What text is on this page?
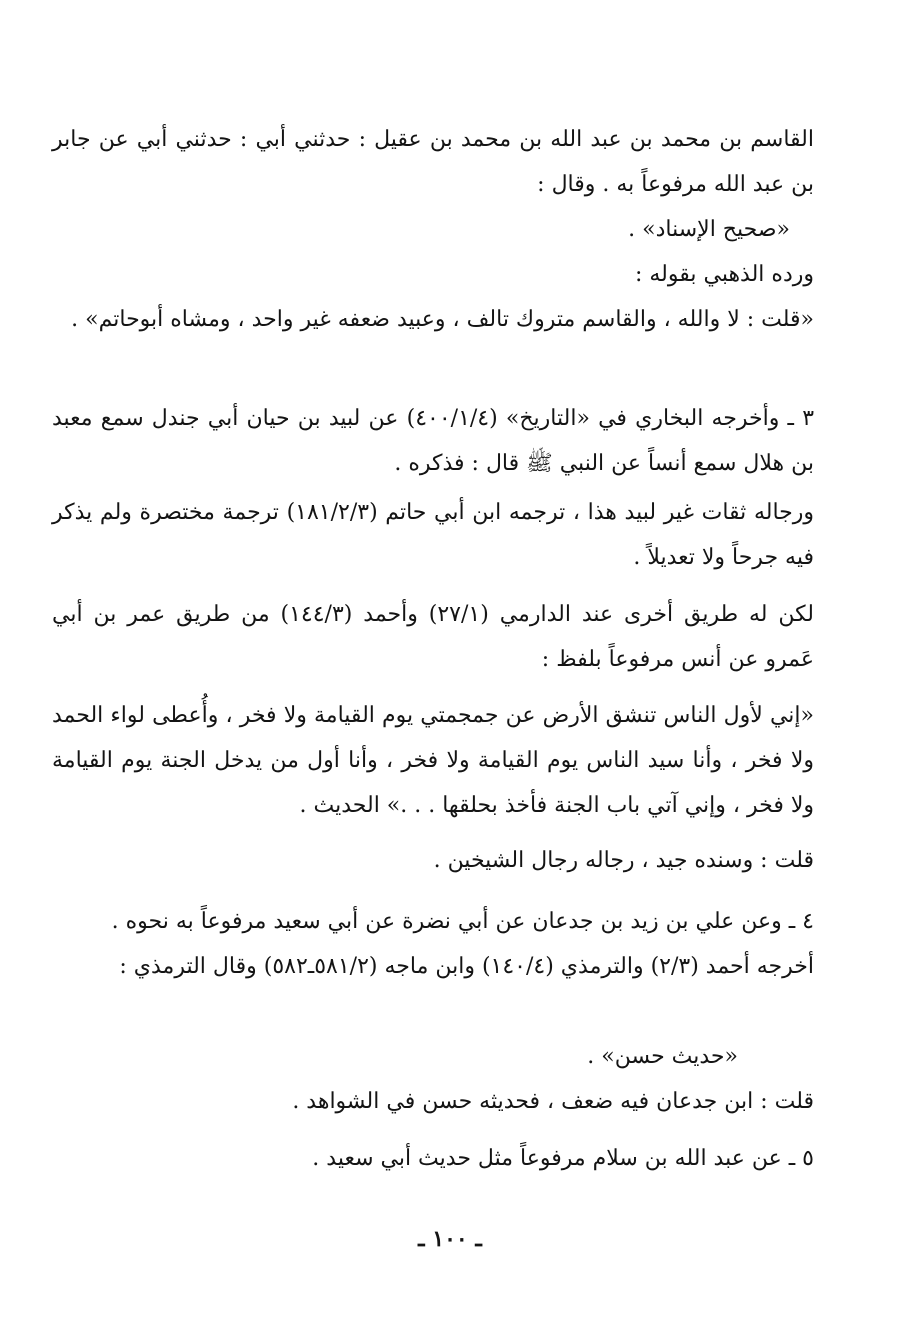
القاسم بن محمد بن عبد الله بن محمد بن عقيل : حدثني أبي : حدثني أبي عن جابر بن عبد الله مرفوعاً به . وقال :

«صحيح الإسناد» .

ورده الذهبي بقوله :

«قلت : لا والله ، والقاسم متروك تالف ، وعبيد ضعفه غير واحد ، ومشاه أبوحاتم» .

٣ ـ وأخرجه البخاري في «التاريخ» (٤٠٠/١/٤) عن لبيد بن حيان أبي جندل سمع معبد بن هلال سمع أنساً عن النبي ﷺ قال : فذكره .

ورجاله ثقات غير لبيد هذا ، ترجمه ابن أبي حاتم (١٨١/٢/٣) ترجمة مختصرة ولم يذكر فيه جرحاً ولا تعديلاً .

لكن له طريق أخرى عند الدارمي (٢٧/١) وأحمد (١٤٤/٣) من طريق عمر بن أبي عَمرو عن أنس مرفوعاً بلفظ :

«إني لأول الناس تنشق الأرض عن جمجمتي يوم القيامة ولا فخر ، وأُعطى لواء الحمد ولا فخر ، وأنا سيد الناس يوم القيامة ولا فخر ، وأنا أول من يدخل الجنة يوم القيامة ولا فخر ، وإني آتي باب الجنة فأخذ بحلقها . . .» الحديث .

قلت : وسنده جيد ، رجاله رجال الشيخين .

٤ ـ وعن علي بن زيد بن جدعان عن أبي نضرة عن أبي سعيد مرفوعاً به نحوه .

أخرجه أحمد (٢/٣) والترمذي (١٤٠/٤) وابن ماجه (٥٨١/٢ـ٥٨٢) وقال الترمذي :

«حديث حسن» .

قلت : ابن جدعان فيه ضعف ، فحديثه حسن في الشواهد .

٥ ـ عن عبد الله بن سلام مرفوعاً مثل حديث أبي سعيد .

ـ ١٠٠ ـ
